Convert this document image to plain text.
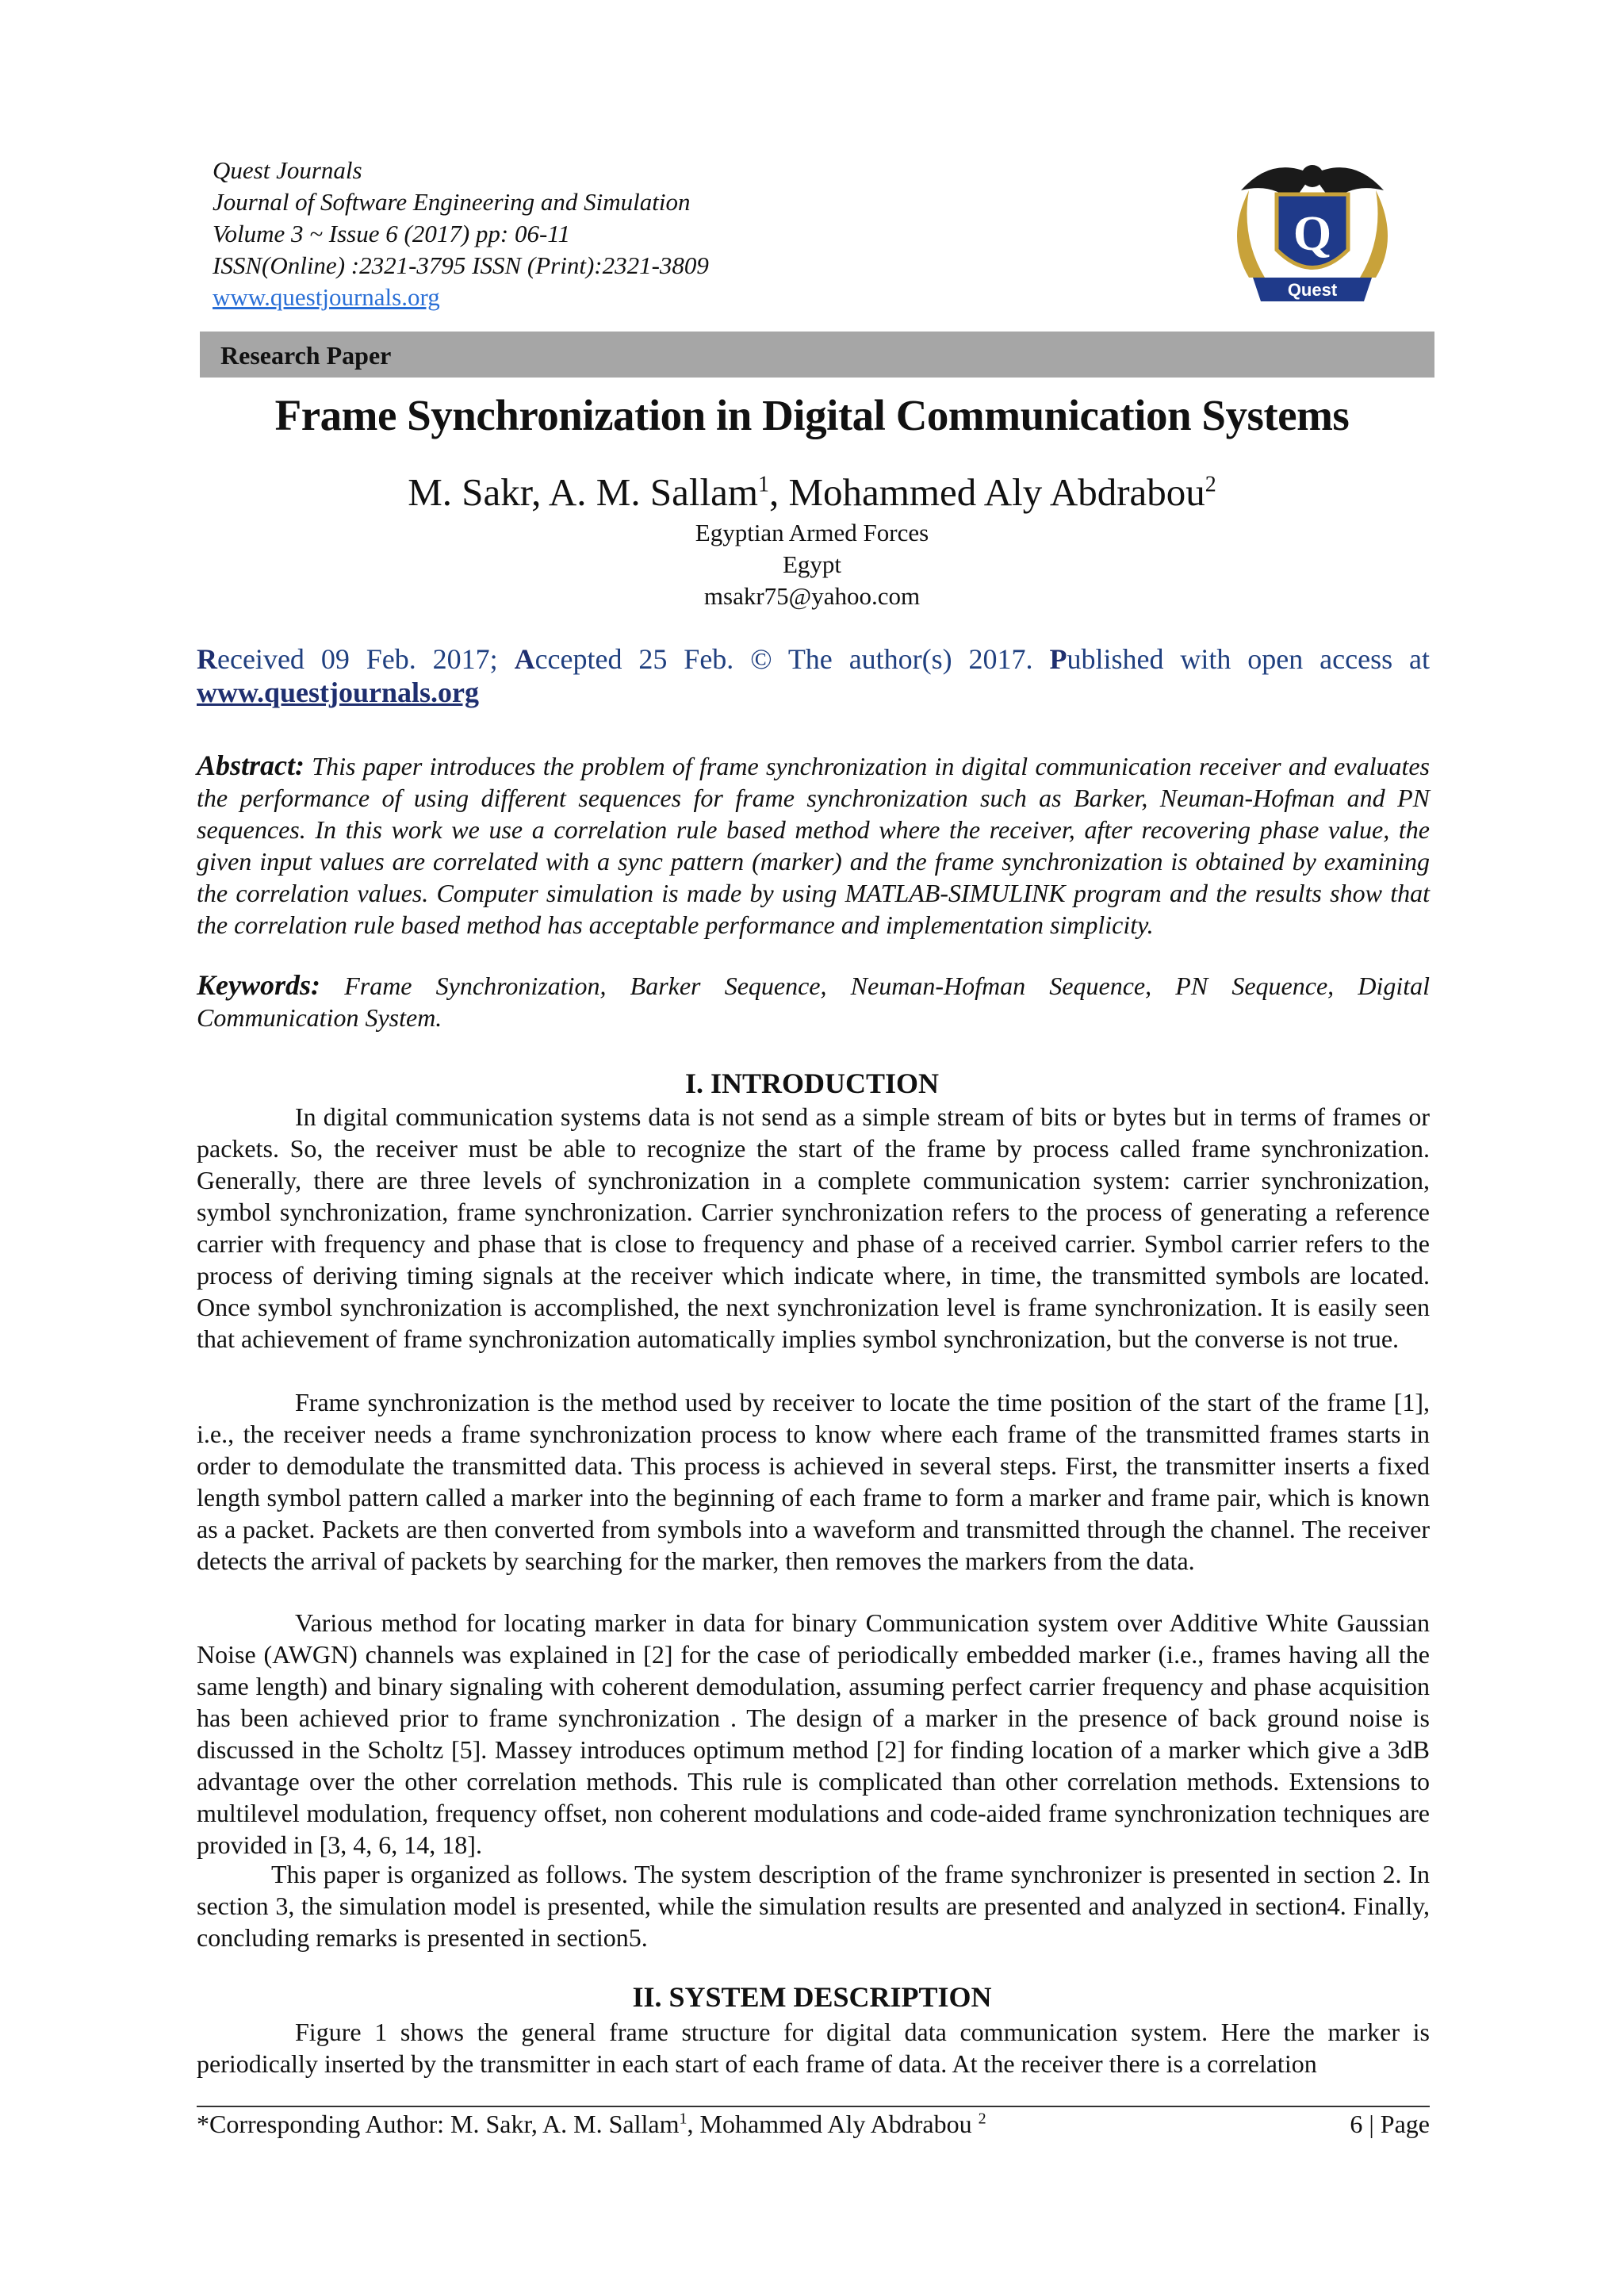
Quest Journals
Journal of Software Engineering and Simulation
Volume 3 ~ Issue 6 (2017) pp: 06-11
ISSN(Online) :2321-3795 ISSN (Print):2321-3809
www.questjournals.org
Q
Quest
Research Paper
Frame Synchronization in Digital Communication Systems
M. Sakr, A. M. Sallam$^1$, Mohammed Aly Abdrabou$^2$
Egyptian Armed Forces
Egypt
msakr75@yahoo.com
Received 09 Feb. 2017; Accepted 25 Feb. © The author(s) 2017. Published with open access at
www.questjournals.org
Abstract: This paper introduces the problem of frame synchronization in digital communication receiver and evaluates the performance of using different sequences for frame synchronization such as Barker, Neuman-Hofman and PN sequences. In this work we use a correlation rule based method where the receiver, after recovering phase value, the given input values are correlated with a sync pattern (marker) and the frame synchronization is obtained by examining the correlation values. Computer simulation is made by using MATLAB-SIMULINK program and the results show that the correlation rule based method has acceptable performance and implementation simplicity.
Keywords: Frame Synchronization, Barker Sequence, Neuman-Hofman Sequence, PN Sequence, Digital Communication System.
I. INTRODUCTION
In digital communication systems data is not send as a simple stream of bits or bytes but in terms of frames or packets. So, the receiver must be able to recognize the start of the frame by process called frame synchronization. Generally, there are three levels of synchronization in a complete communication system: carrier synchronization, symbol synchronization, frame synchronization. Carrier synchronization refers to the process of generating a reference carrier with frequency and phase that is close to frequency and phase of a received carrier. Symbol carrier refers to the process of deriving timing signals at the receiver which indicate where, in time, the transmitted symbols are located. Once symbol synchronization is accomplished, the next synchronization level is frame synchronization. It is easily seen that achievement of frame synchronization automatically implies symbol synchronization, but the converse is not true.
Frame synchronization is the method used by receiver to locate the time position of the start of the frame [1], i.e., the receiver needs a frame synchronization process to know where each frame of the transmitted frames starts in order to demodulate the transmitted data. This process is achieved in several steps. First, the transmitter inserts a fixed length symbol pattern called a marker into the beginning of each frame to form a marker and frame pair, which is known as a packet. Packets are then converted from symbols into a waveform and transmitted through the channel. The receiver detects the arrival of packets by searching for the marker, then removes the markers from the data.
Various method for locating marker in data for binary Communication system over Additive White Gaussian Noise (AWGN) channels was explained in [2] for the case of periodically embedded marker (i.e., frames having all the same length) and binary signaling with coherent demodulation, assuming perfect carrier frequency and phase acquisition has been achieved prior to frame synchronization . The design of a marker in the presence of back ground noise is discussed in the Scholtz [5]. Massey introduces optimum method [2] for finding location of a marker which give a 3dB advantage over the other correlation methods. This rule is complicated than other correlation methods. Extensions to multilevel modulation, frequency offset, non coherent modulations and code-aided frame synchronization techniques are provided in [3, 4, 6, 14, 18].
This paper is organized as follows. The system description of the frame synchronizer is presented in section 2. In section 3, the simulation model is presented, while the simulation results are presented and analyzed in section4. Finally, concluding remarks is presented in section5.
II. SYSTEM DESCRIPTION
Figure 1 shows the general frame structure for digital data communication system. Here the marker is periodically inserted by the transmitter in each start of each frame of data. At the receiver there is a correlation
*Corresponding Author: M. Sakr, A. M. Sallam$^1$, Mohammed Aly Abdrabou $^2$	6 | Page
